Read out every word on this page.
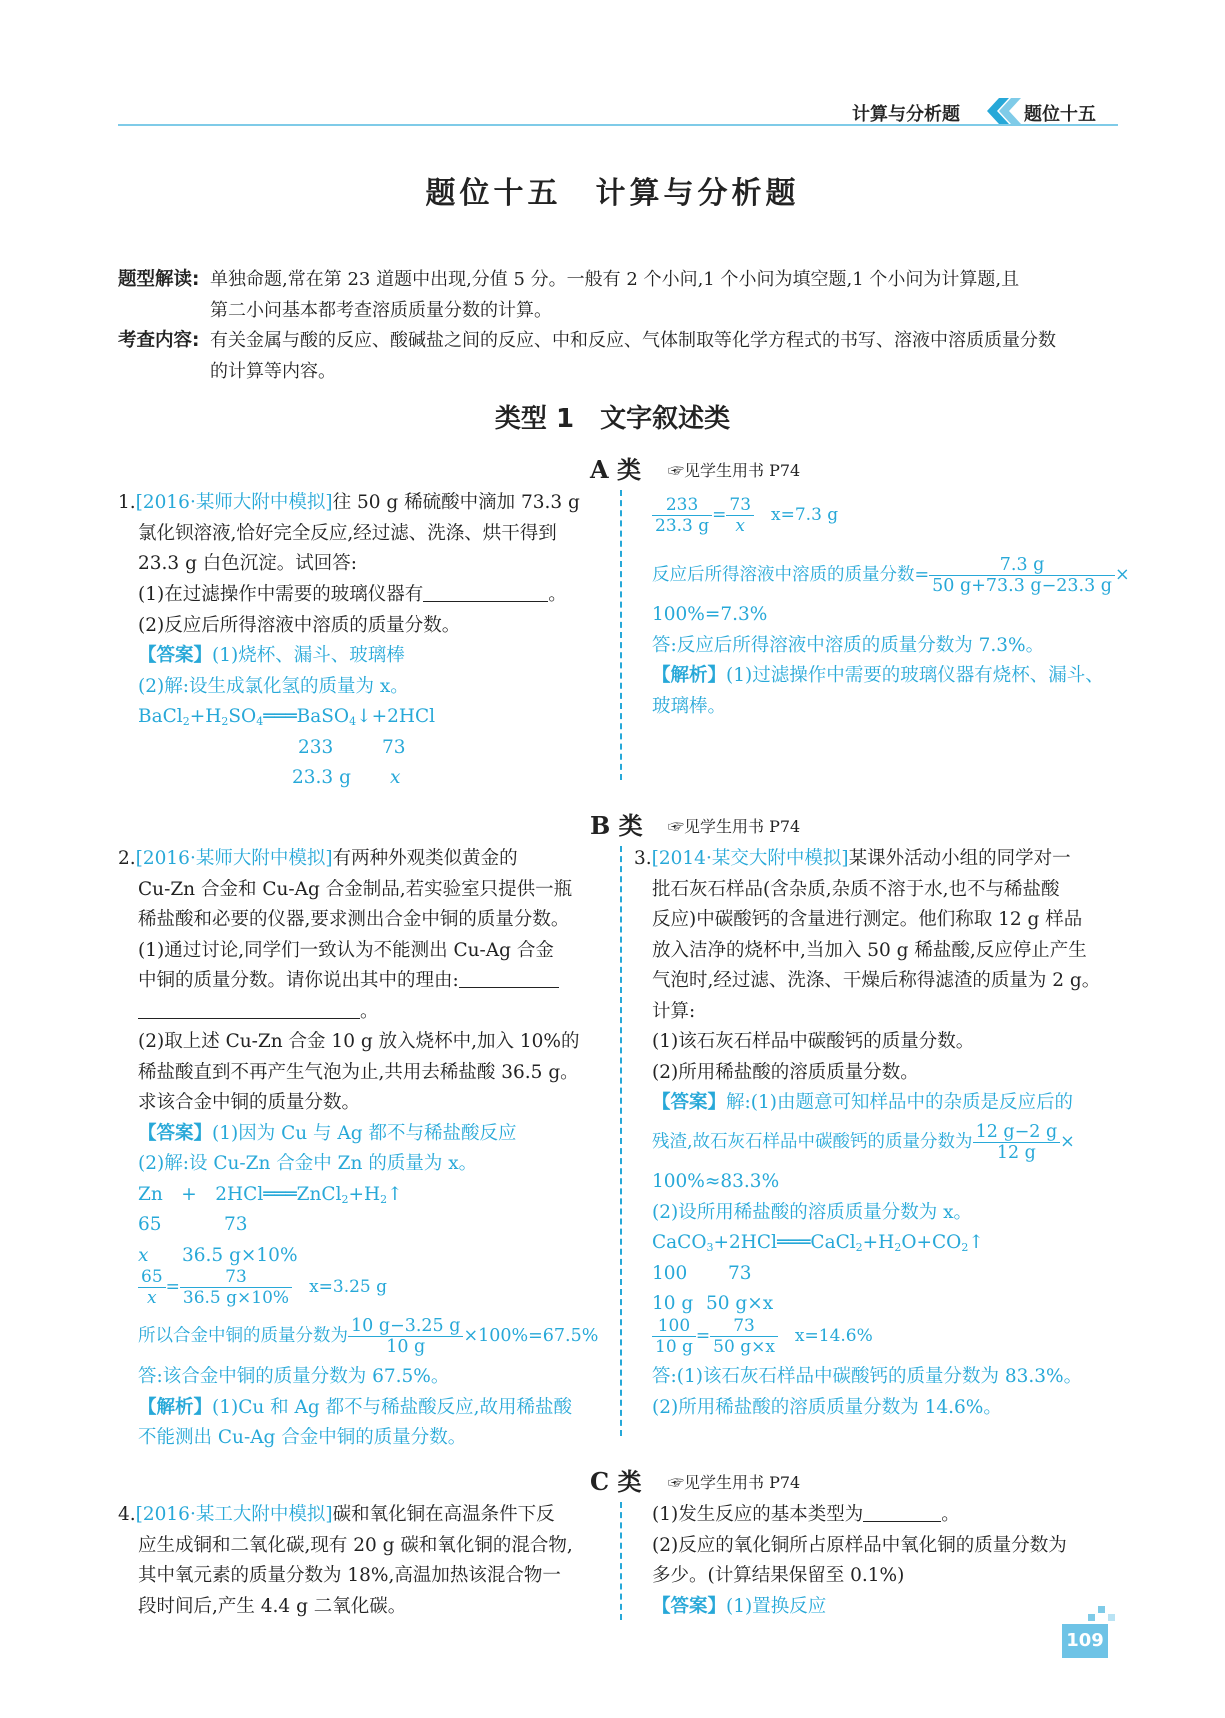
计算与分析题	题位十五
题位十五　计算与分析题
题型解读: 单独命题,常在第 23 道题中出现,分值 5 分。一般有 2 个小问,1 个小问为填空题,1 个小问为计算题,且
第二小问基本都考查溶质质量分数的计算。
考查内容: 有关金属与酸的反应、酸碱盐之间的反应、中和反应、气体制取等化学方程式的书写、溶液中溶质质量分数
的计算等内容。
类型 1　文字叙述类
A 类 ☞见学生用书 P74
1.[2016·某师大附中模拟]往 50 g 稀硫酸中滴加 73.3 g
氯化钡溶液,恰好完全反应,经过滤、洗涤、烘干得到
23.3 g 白色沉淀。试回答:
(1)在过滤操作中需要的玻璃仪器有	。
(2)反应后所得溶液中溶质的质量分数。
【答案】(1)烧杯、漏斗、玻璃棒
(2)解:设生成氯化氢的质量为 x。
$BaCl_2+H_2SO_4═══BaSO_4↓+2HCl$
233	73
23.3 g x
$\frac{233}{23.3 g} = \frac{73}{x}$
　 x=7.3 g
反应后所得溶液中溶质的质量分数= $\frac{7.3 g}{50 g+73.3 g-23.3 g}$ ×
100%=7.3%
答:反应后所得溶液中溶质的质量分数为 7.3%。
【解析】(1)过滤操作中需要的玻璃仪器有烧杯、漏斗、
玻璃棒。
B 类 ☞见学生用书 P74
2.[2016·某师大附中模拟]有两种外观类似黄金的
Cu-Zn 合金和 Cu-Ag 合金制品,若实验室只提供一瓶
稀盐酸和必要的仪器,要求测出合金中铜的质量分数。
(1)通过讨论,同学们一致认为不能测出 Cu-Ag 合金
中铜的质量分数。请你说出其中的理由:
。
(2)取上述 Cu-Zn 合金 10 g 放入烧杯中,加入 10%的
稀盐酸直到不再产生气泡为止,共用去稀盐酸 36.5 g。
求该合金中铜的质量分数。
【答案】(1)因为 Cu 与 Ag 都不与稀盐酸反应
(2)解:设 Cu-Zn 合金中 Zn 的质量为 x。
Zn　+　$2HCl═══ZnCl_2+H_2↑$
65	73
x 36.5 g×10%
$\frac{65}{x} = \frac{73}{36.5 g\times 10\%}$
　 x=3.25 g
所以合金中铜的质量分数为 $\frac{10 g-3.25 g}{10 g} \times 100\%=67.5\%$
答:该合金中铜的质量分数为 67.5%。
【解析】(1)Cu 和 Ag 都不与稀盐酸反应,故用稀盐酸
不能测出 Cu-Ag 合金中铜的质量分数。
3.[2014·某交大附中模拟]某课外活动小组的同学对一
批石灰石样品(含杂质,杂质不溶于水,也不与稀盐酸
反应)中碳酸钙的含量进行测定。他们称取 12 g 样品
放入洁净的烧杯中,当加入 50 g 稀盐酸,反应停止产生
气泡时,经过滤、洗涤、干燥后称得滤渣的质量为 2 g。
计算:
(1)该石灰石样品中碳酸钙的质量分数。
(2)所用稀盐酸的溶质质量分数。
【答案】解:(1)由题意可知样品中的杂质是反应后的
残渣,故石灰石样品中碳酸钙的质量分数为 $\frac{12 g-2 g}{12 g}$ ×
100%≈83.3%
(2)设所用稀盐酸的溶质质量分数为 x。
$CaCO_3+2HCl═══CaCl_2+H_2O+CO_2↑$
100 73
10 g 50 g×x
$\frac{100}{10 g} = \frac{73}{50 g\times x}$
　 x=14.6%
答:(1)该石灰石样品中碳酸钙的质量分数为 83.3%。
(2)所用稀盐酸的溶质质量分数为 14.6%。
C 类 ☞见学生用书 P74
4.[2016·某工大附中模拟]碳和氧化铜在高温条件下反
应生成铜和二氧化碳,现有 20 g 碳和氧化铜的混合物,
其中氧元素的质量分数为 18%,高温加热该混合物一
段时间后,产生 4.4 g 二氧化碳。
(1)发生反应的基本类型为	。
(2)反应的氧化铜所占原样品中氧化铜的质量分数为
多少。(计算结果保留至 0.1%)
【答案】(1)置换反应
109
